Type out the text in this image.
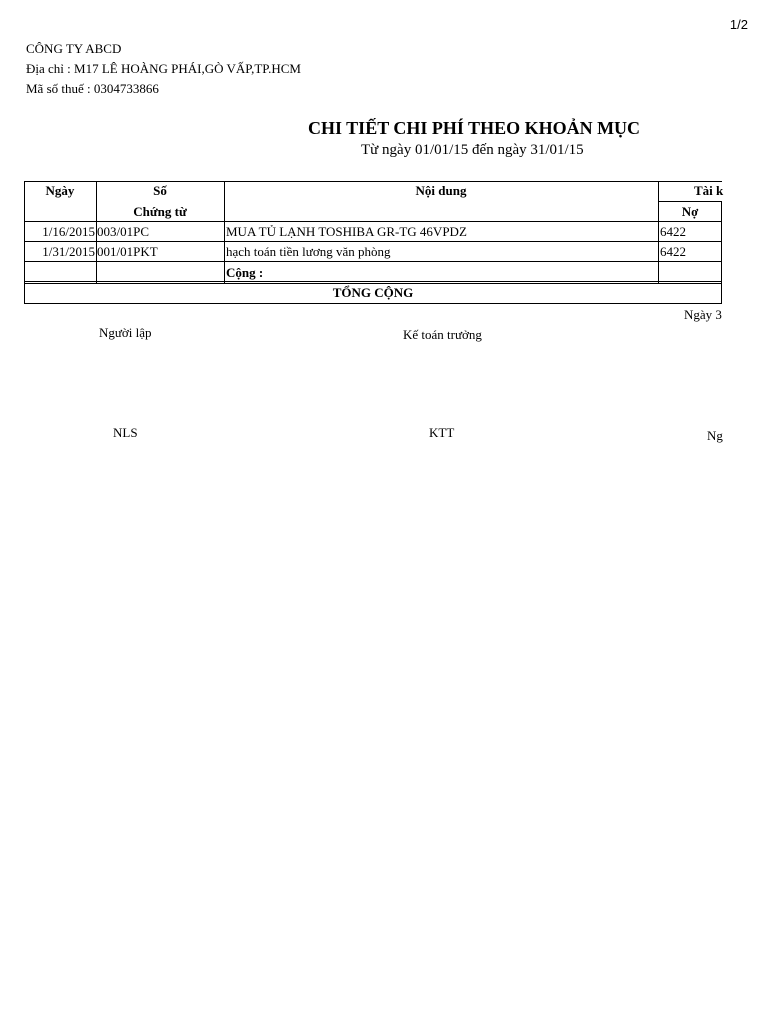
1/2
CÔNG TY ABCD
Địa chỉ : M17 LÊ HOÀNG PHÁI,GÒ VẤP,TP.HCM
Mã số thuế : 0304733866
CHI TIẾT CHI PHÍ THEO KHOẢN MỤC
Từ ngày 01/01/15 đến ngày 31/01/15
Ngày	Số
Chứng từ
Nội dung	Tài k
Nợ
1/16/2015 003/01PC	MUA TỦ LẠNH TOSHIBA GR-TG 46VPDZ	6422
1/31/2015 001/01PKT	hạch toán tiền lương văn phòng	6422
Cộng :
TỔNG CỘNG
Ngày 3
Người lập	Kế toán trưởng
NLS	KTT	Ng
